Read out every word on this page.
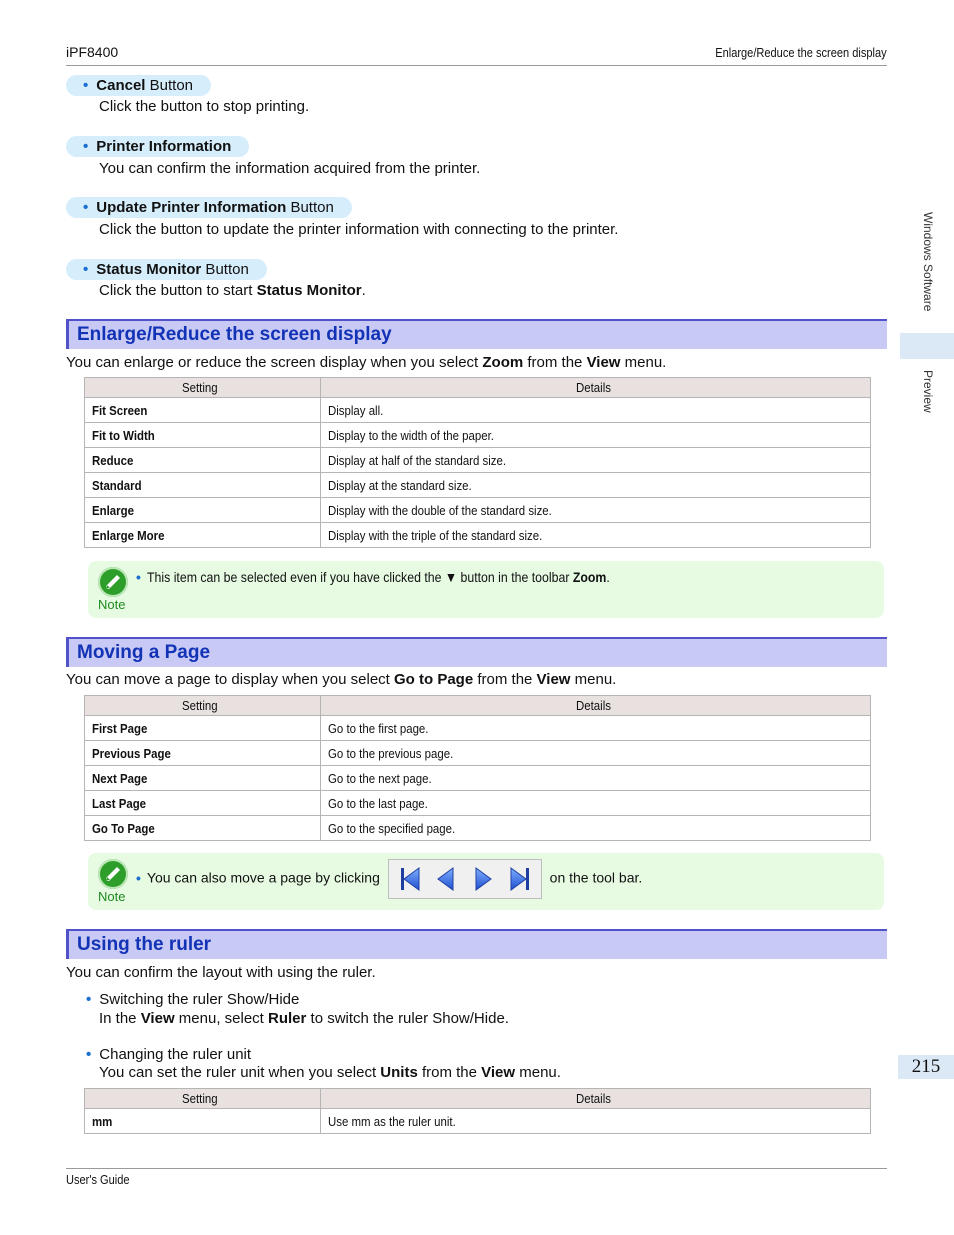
iPF8400	Enlarge/Reduce the screen display
User's Guide
Windows Software
Preview
215
• Cancel Button
Click the button to stop printing.
• Printer Information
You can confirm the information acquired from the printer.
• Update Printer Information Button
Click the button to update the printer information with connecting to the printer.
• Status Monitor Button
Click the button to start Status Monitor.
Enlarge/Reduce the screen display
You can enlarge or reduce the screen display when you select Zoom from the View menu.
Setting	Details
Fit Screen	Display all.
Fit to Width	Display to the width of the paper.
Reduce	Display at half of the standard size.
Standard	Display at the standard size.
Enlarge	Display with the double of the standard size.
Enlarge More	Display with the triple of the standard size.
Note
• This item can be selected even if you have clicked the ▼ button in the toolbar Zoom.
Moving a Page
You can move a page to display when you select Go to Page from the View menu.
Setting	Details
First Page	Go to the first page.
Previous Page	Go to the previous page.
Next Page	Go to the next page.
Last Page	Go to the last page.
Go To Page	Go to the specified page.
Note
• You can also move a page by clicking	on the tool bar.
Using the ruler
You can confirm the layout with using the ruler.
• Switching the ruler Show/Hide
In the View menu, select Ruler to switch the ruler Show/Hide.
• Changing the ruler unit
You can set the ruler unit when you select Units from the View menu.
Setting	Details
mm	Use mm as the ruler unit.
